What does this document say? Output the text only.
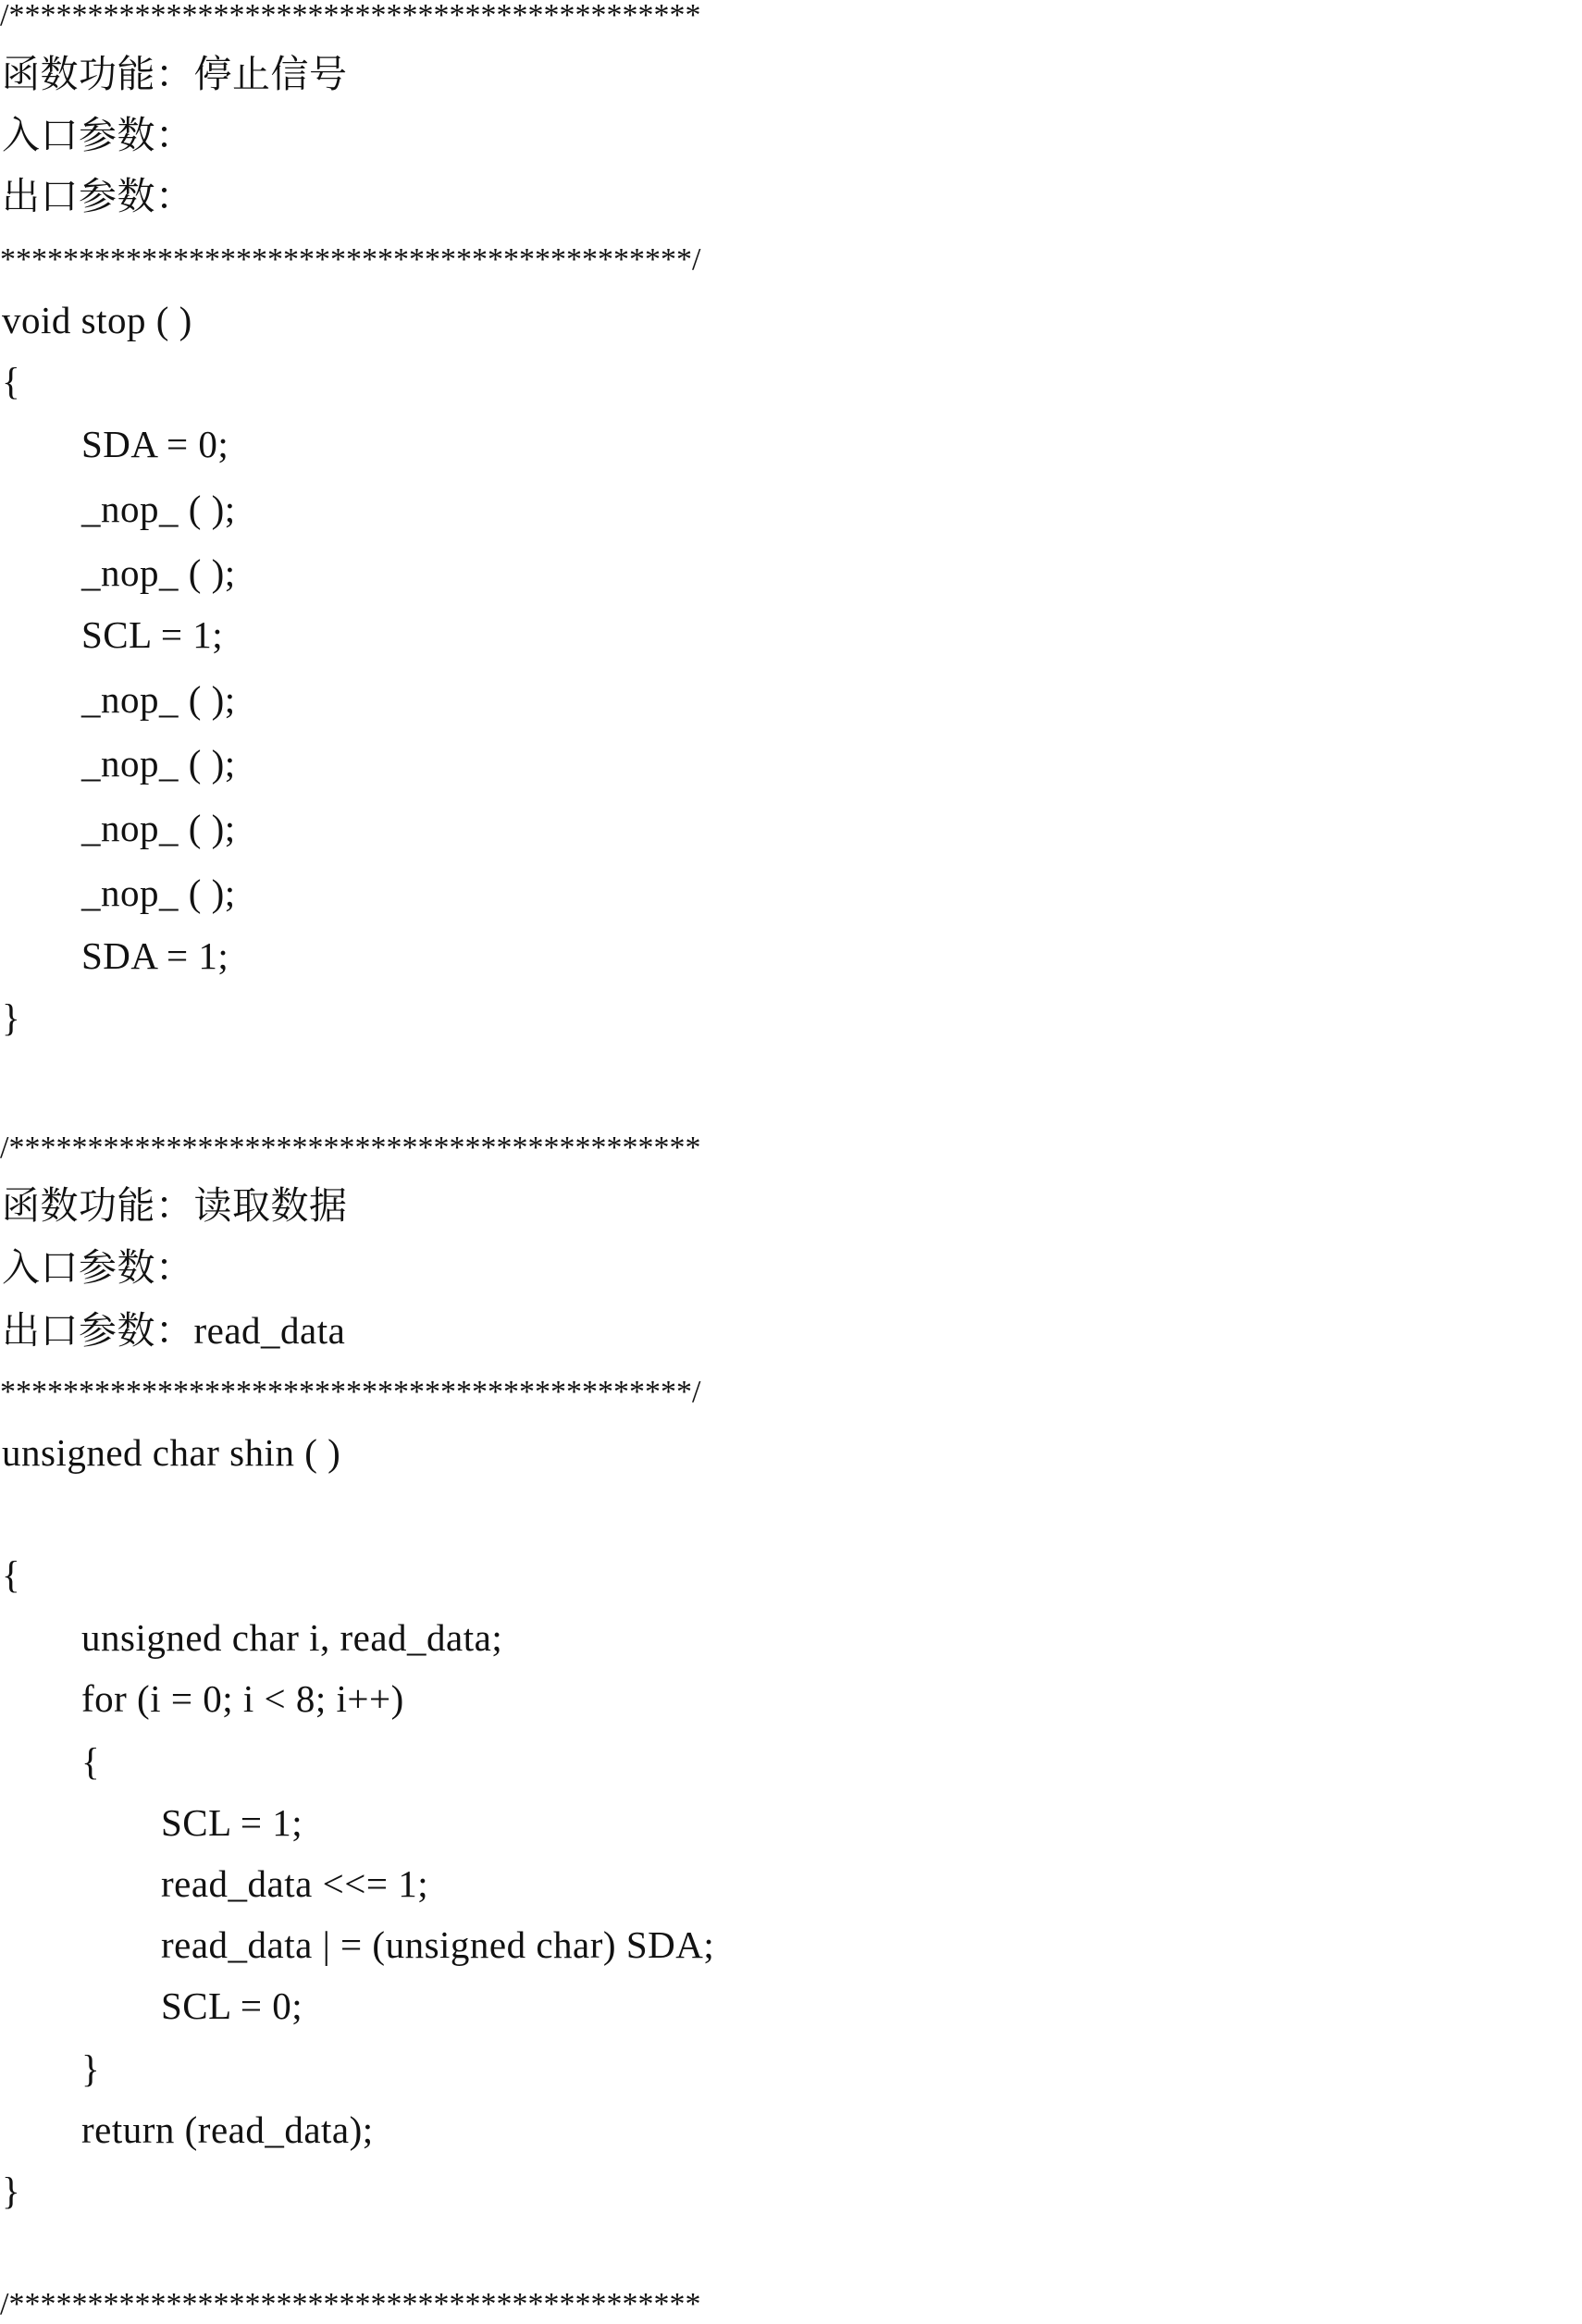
/********************************************
函数功能：停止信号
入口参数：
出口参数：
********************************************/
void stop ( )
{
SDA = 0;
_nop_ ( );
_nop_ ( );
SCL = 1;
_nop_ ( );
_nop_ ( );
_nop_ ( );
_nop_ ( );
SDA = 1;
}
/********************************************
函数功能：读取数据
入口参数：
出口参数：read_data
********************************************/
unsigned char shin ( )
{
unsigned char i, read_data;
for (i = 0; i < 8; i++)
{
SCL = 1;
read_data <<= 1;
read_data | = (unsigned char) SDA;
SCL = 0;
}
return (read_data);
}
/********************************************
